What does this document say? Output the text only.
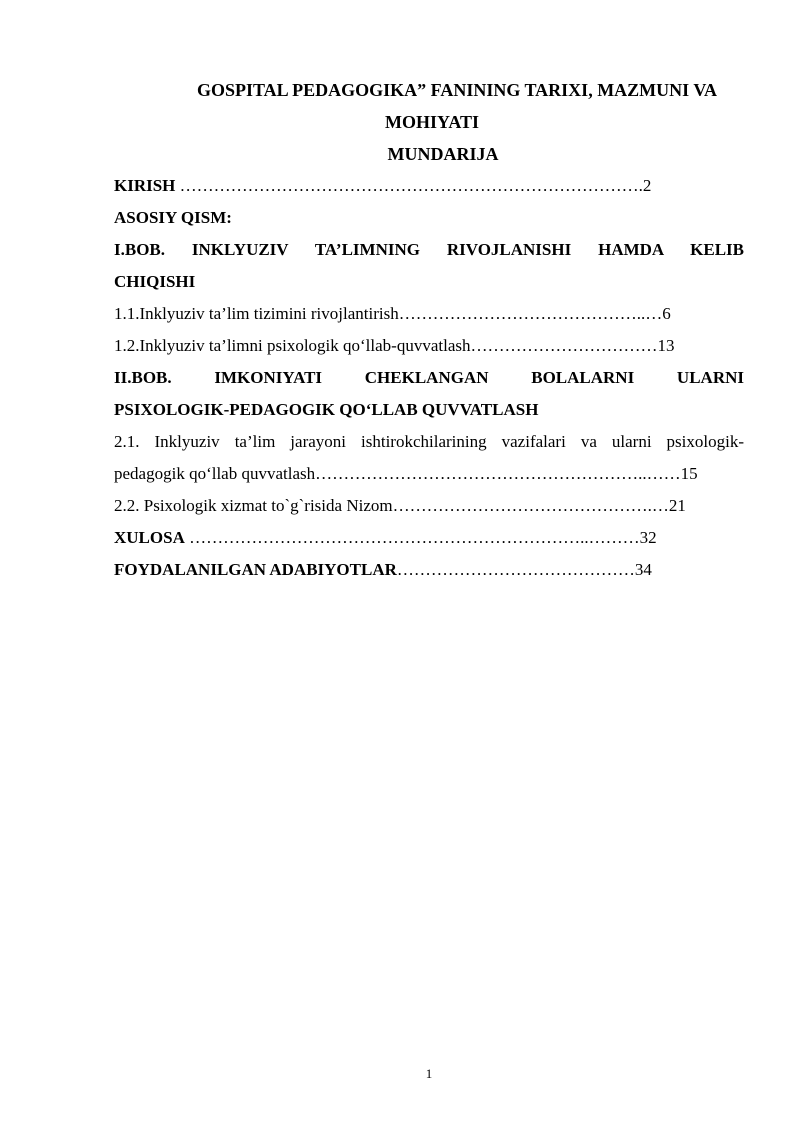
GOSPITAL PEDAGOGIKA” FANINING TARIXI, MAZMUNI VA
MOHIYATI
MUNDARIJA
KIRISH ……………………………………………………………………….2
ASOSIY QISM:
I.BOB. INKLYUZIV TA’LIMNING RIVOJLANISHI HAMDA KELIB
CHIQISHI
1.1.Inklyuziv ta’lim tizimini rivojlantirish……………………………………..…6
1.2.Inklyuziv ta’limni psixologik qo‘llab-quvvatlash……………………………13
II.BOB. IMKONIYATI CHEKLANGAN BOLALARNI ULARNI
PSIXOLOGIK-PEDAGOGIK QO‘LLAB QUVVATLASH
2.1. Inklyuziv ta’lim jarayoni ishtirokchilarining vazifalari va ularni psixologik-
pedagogik qo‘llab quvvatlash…………………………………………………..……15
2.2. Psixologik xizmat to`g`risida Nizom……………………………………….…21
XULOSA ……………………………………………………………..………32
FOYDALANILGAN ADABIYOTLAR……………………………………34
1
